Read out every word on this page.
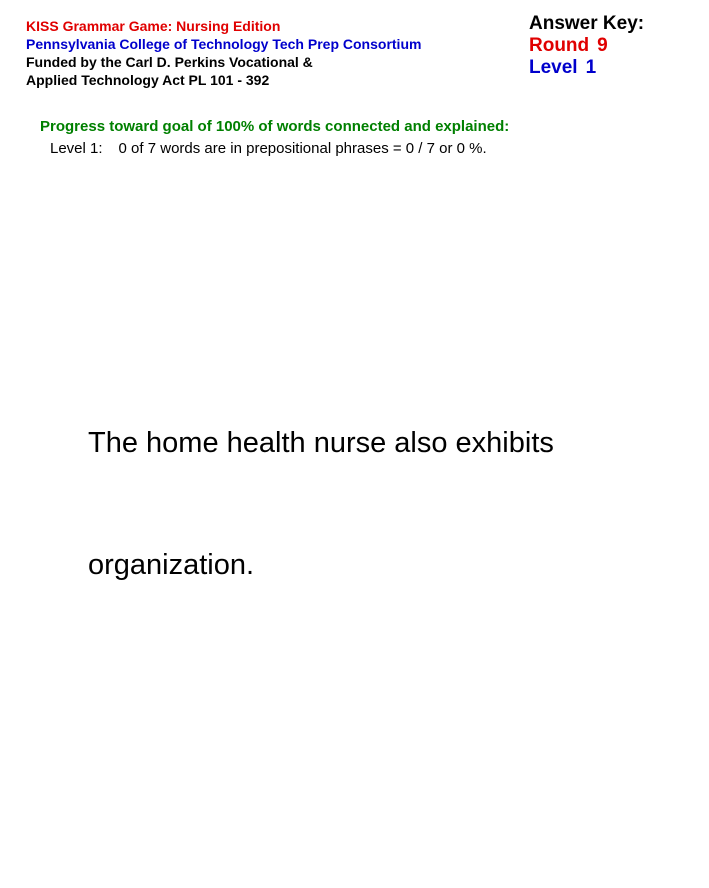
KISS Grammar Game: Nursing Edition
Pennsylvania College of Technology Tech Prep Consortium
Funded by the Carl D. Perkins Vocational &
Applied Technology Act PL 101 - 392
Answer Key:
Round 9
Level 1
Progress toward goal of 100% of words connected and explained:
Level 1: 0 of 7 words are in prepositional phrases = 0 / 7 or 0 %.

The home health nurse also exhibits

organization.
